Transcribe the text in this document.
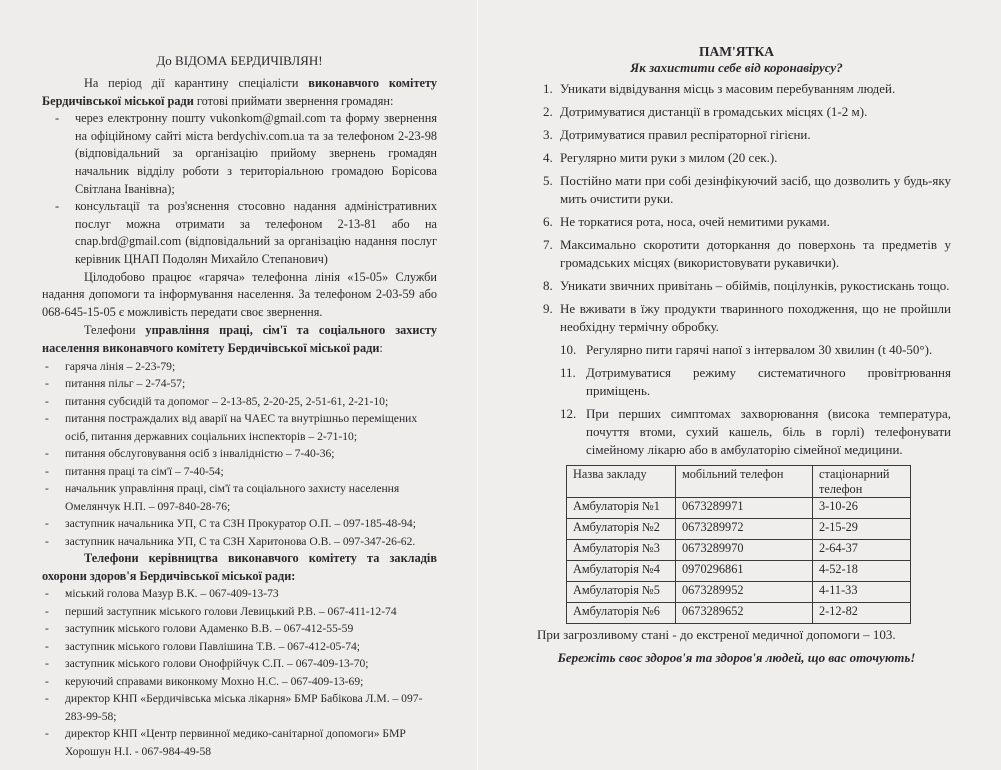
До ВІДОМА БЕРДИЧІВЛЯН!
На період дії карантину спеціалісти виконавчого комітету Бердичівської міської ради готові приймати звернення громадян:
- через електронну пошту vukonkom@gmail.com та форму звернення на офіційному сайті міста berdychiv.com.ua та за телефоном 2-23-98 (відповідальний за організацію прийому звернень громадян начальник відділу роботи з територіальною громадою Борісова Світлана Іванівна);
- консультації та роз'яснення стосовно надання адміністративних послуг можна отримати за телефоном 2-13-81 або на cnap.brd@gmail.com (відповідальний за організацію надання послуг керівник ЦНАП Подолян Михайло Степанович)
Цілодобово працює «гаряча» телефонна лінія «15-05» Служби надання допомоги та інформування населення. За телефоном 2-03-59 або 068-645-15-05 є можливість передати своє звернення.
Телефони управління праці, сім'ї та соціального захисту населення виконавчого комітету Бердичівської міської ради:
- гаряча лінія – 2-23-79;
- питання пільг – 2-74-57;
- питання субсидій та допомог – 2-13-85, 2-20-25, 2-51-61, 2-21-10;
- питання постраждалих від аварії на ЧАЕС та внутрішньо переміщених осіб, питання державних соціальних інспекторів – 2-71-10;
- питання обслуговування осіб з інвалідністю – 7-40-36;
- питання праці та сім'ї – 7-40-54;
- начальник управління праці, сім'ї та соціального захисту населення Омелянчук Н.П. – 097-840-28-76;
- заступник начальника УП, С та СЗН Прокуратор О.П. – 097-185-48-94;
- заступник начальника УП, С та СЗН Харитонова О.В. – 097-347-26-62.
Телефони керівництва виконавчого комітету та закладів охорони здоров'я Бердичівської міської ради:
- міський голова Мазур В.К. – 067-409-13-73
- перший заступник міського голови Левицький Р.В. – 067-411-12-74
- заступник міського голови Адаменко В.В. – 067-412-55-59
- заступник міського голови Павлішина Т.В. – 067-412-05-74;
- заступник міського голови Онофрійчук С.П. – 067-409-13-70;
- керуючий справами виконкому Мохно Н.С. – 067-409-13-69;
- директор КНП «Бердичівська міська лікарня» БМР Бабікова Л.М. – 097-283-99-58;
- директор КНП «Центр первинної медико-санітарної допомоги» БМР Хорошун Н.І. - 067-984-49-58
ПАМ'ЯТКА
Як захистити себе від коронавірусу?
1. Уникати відвідування місць з масовим перебуванням людей.
2. Дотримуватися дистанції в громадських місцях (1-2 м).
3. Дотримуватися правил респіраторної гігієни.
4. Регулярно мити руки з милом (20 сек.).
5. Постійно мати при собі дезінфікуючий засіб, що дозволить у будь-яку мить очистити руки.
6. Не торкатися рота, носа, очей немитими руками.
7. Максимально скоротити доторкання до поверхонь та предметів у громадських місцях (використовувати рукавички).
8. Уникати звичних привітань – обіймів, поцілунків, рукостискань тощо.
9. Не вживати в їжу продукти тваринного походження, що не пройшли необхідну термічну обробку.
10. Регулярно пити гарячі напої з інтервалом 30 хвилин (t 40-50°).
11. Дотримуватися режиму систематичного провітрювання приміщень.
12. При перших симптомах захворювання (висока температура, почуття втоми, сухий кашель, біль в горлі) телефонувати сімейному лікарю або в амбулаторію сімейної медицини.
Назва закладу	мобільний телефон	стаціонарний телефон
Амбулаторія №1	0673289971	3-10-26
Амбулаторія №2	0673289972	2-15-29
Амбулаторія №3	0673289970	2-64-37
Амбулаторія №4	0970296861	4-52-18
Амбулаторія №5	0673289952	4-11-33
Амбулаторія №6	0673289652	2-12-82
При загрозливому стані - до екстреної медичної допомоги – 103.
Бережіть своє здоров'я та здоров'я людей, що вас оточують!
